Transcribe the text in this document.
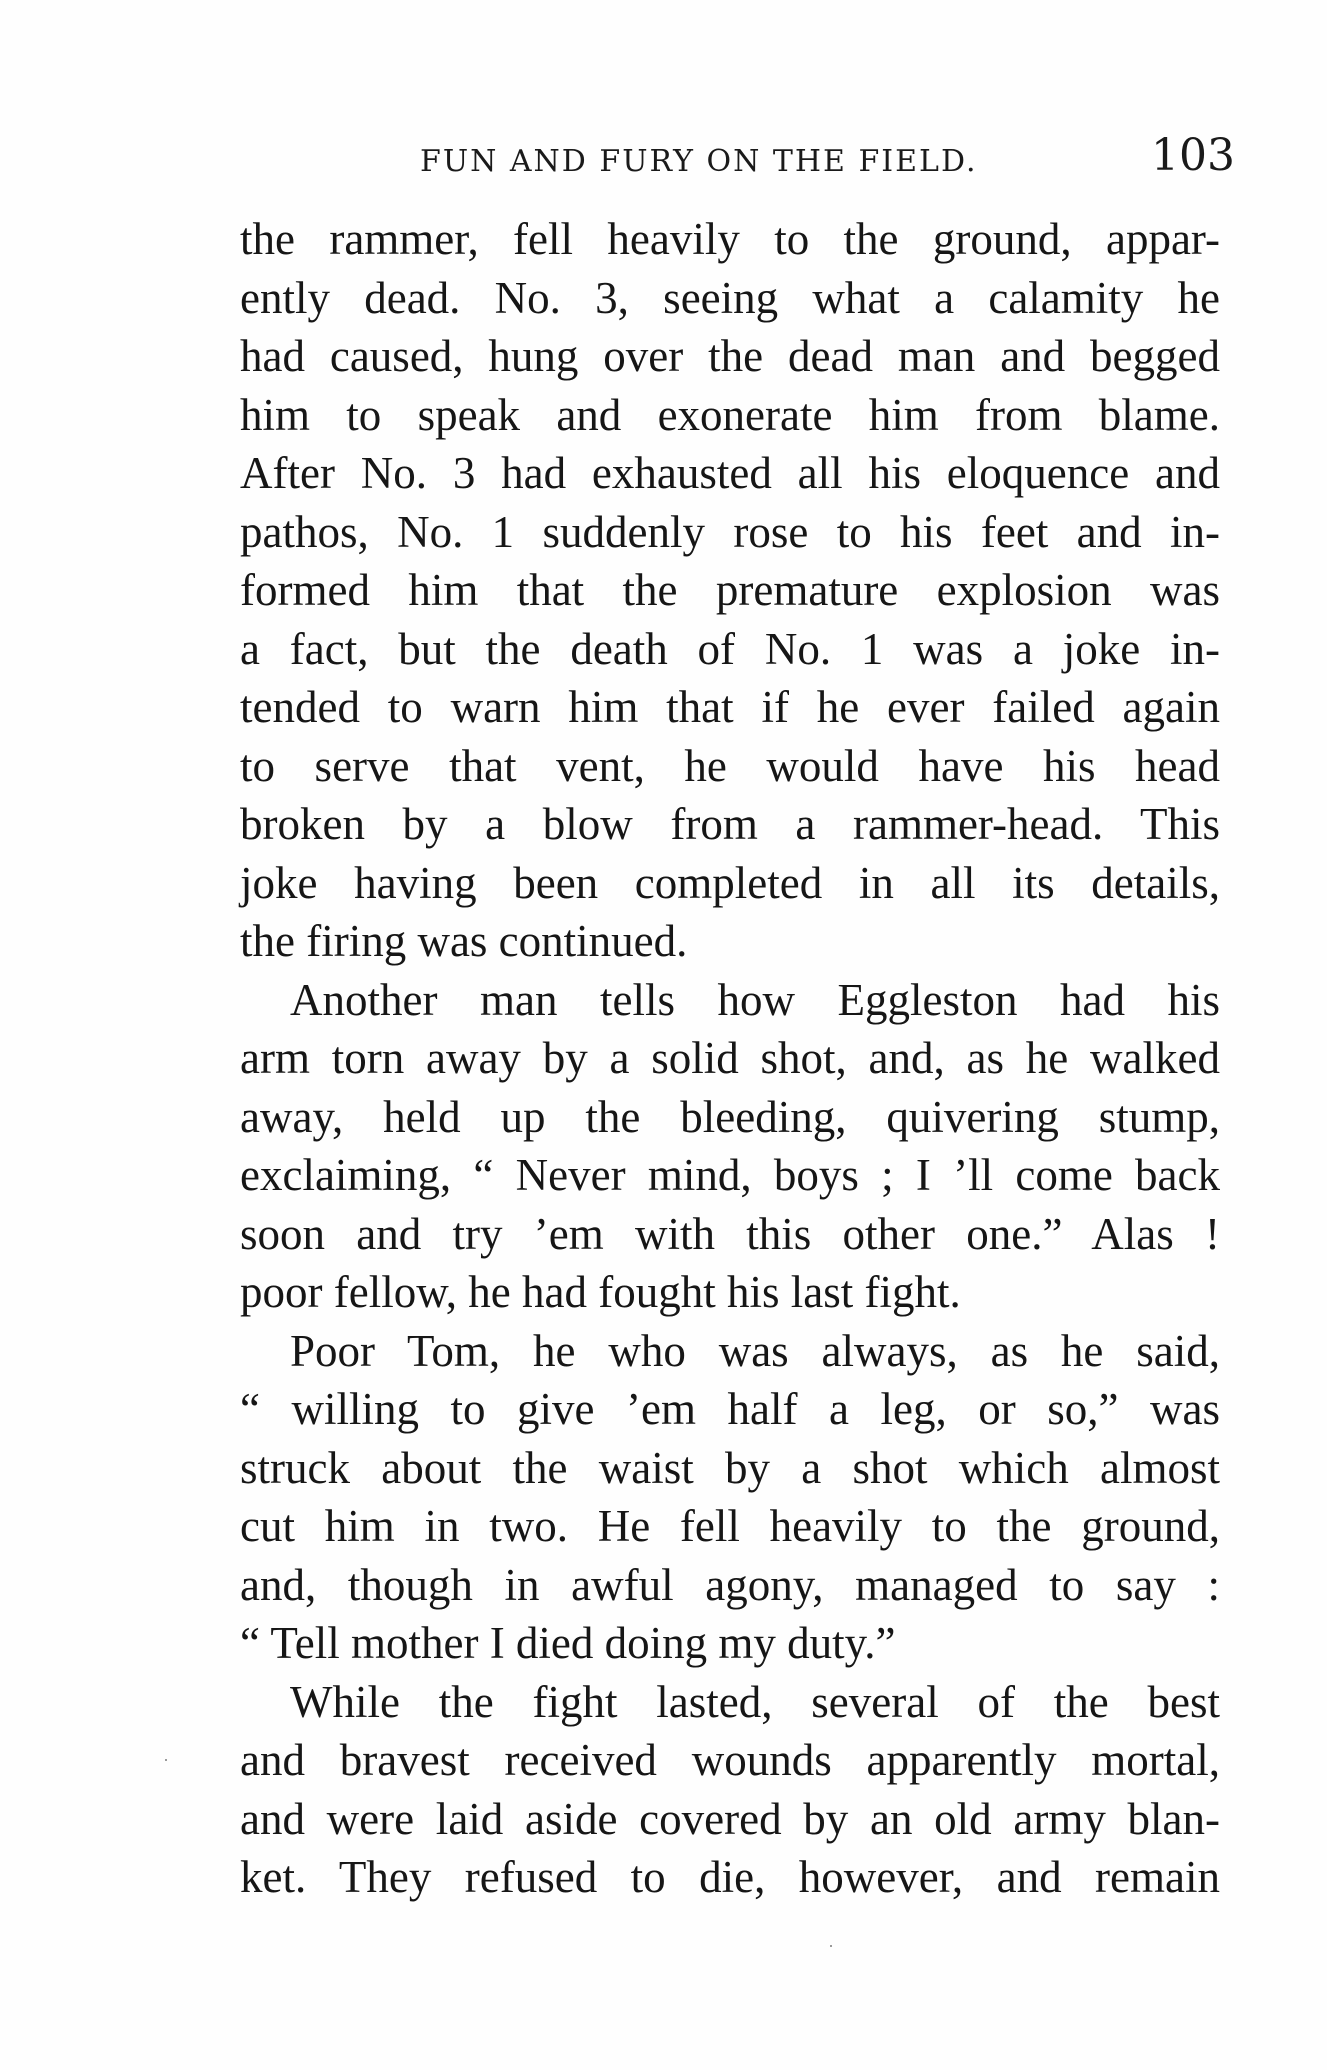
FUN AND FURY ON THE FIELD.	103
the rammer, fell heavily to the ground, appar-
ently dead. No. 3, seeing what a calamity he
had caused, hung over the dead man and begged
him to speak and exonerate him from blame.
After No. 3 had exhausted all his eloquence and
pathos, No. 1 suddenly rose to his feet and in-
formed him that the premature explosion was
a fact, but the death of No. 1 was a joke in-
tended to warn him that if he ever failed again
to serve that vent, he would have his head
broken by a blow from a rammer-head. This
joke having been completed in all its details,
the firing was continued.
Another man tells how Eggleston had his
arm torn away by a solid shot, and, as he walked
away, held up the bleeding, quivering stump,
exclaiming, “ Never mind, boys ; I ’ll come back
soon and try ’em with this other one.” Alas !
poor fellow, he had fought his last fight.
Poor Tom, he who was always, as he said,
“ willing to give ’em half a leg, or so,” was
struck about the waist by a shot which almost
cut him in two. He fell heavily to the ground,
and, though in awful agony, managed to say :
“ Tell mother I died doing my duty.”
While the fight lasted, several of the best
and bravest received wounds apparently mortal,
and were laid aside covered by an old army blan-
ket. They refused to die, however, and remain
